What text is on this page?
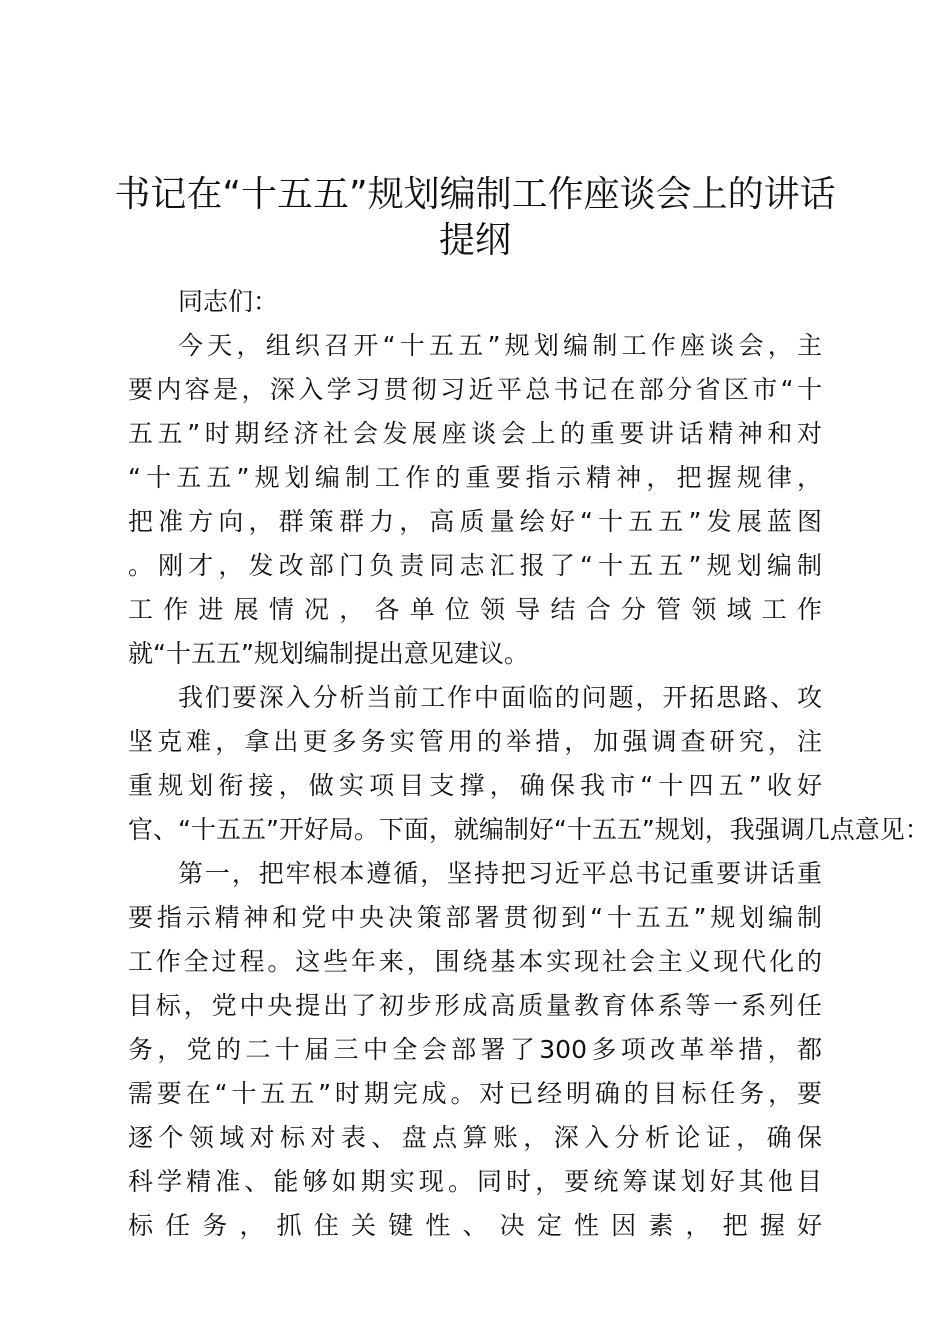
书记在“十五五”规划编制工作座谈会上的讲话提纲
同志们：
今天，组织召开“十五五”规划编制工作座谈会，主
要内容是，深入学习贯彻习近平总书记在部分省区市“十
五五”时期经济社会发展座谈会上的重要讲话精神和对
“十五五”规划编制工作的重要指示精神，把握规律，
把准方向，群策群力，高质量绘好“十五五”发展蓝图
。刚才，发改部门负责同志汇报了“十五五”规划编制
工作进展情况，各单位领导结合分管领域工作
就“十五五”规划编制提出意见建议。
我们要深入分析当前工作中面临的问题，开拓思路、攻
坚克难，拿出更多务实管用的举措，加强调查研究，注
重规划衔接，做实项目支撑，确保我市“十四五”收好
官、“十五五”开好局。下面，就编制好“十五五”规划，我强调几点意见：
第一，把牢根本遵循，坚持把习近平总书记重要讲话重
要指示精神和党中央决策部署贯彻到“十五五”规划编制
工作全过程。这些年来，围绕基本实现社会主义现代化的
目标，党中央提出了初步形成高质量教育体系等一系列任
务，党的二十届三中全会部署了300多项改革举措，都
需要在“十五五”时期完成。对已经明确的目标任务，要
逐个领域对标对表、盘点算账，深入分析论证，确保
科学精准、能够如期实现。同时，要统筹谋划好其他目
标任务，抓住关键性、决定性因素，把握好
